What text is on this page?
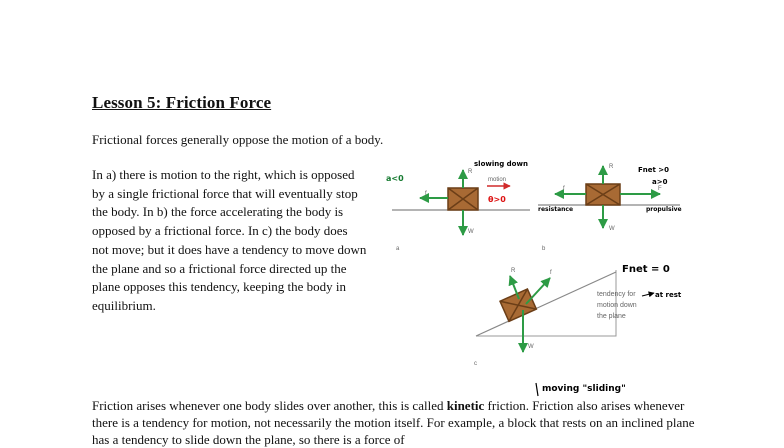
Lesson 5: Friction Force
Frictional forces generally oppose the motion of a body.
In a) there is motion to the right, which is opposed by a single frictional force that will eventually stop the body. In b) the force accelerating the body is opposed by a frictional force. In c) the body does not move; but it does have a tendency to move down the plane and so a frictional force directed up the plane opposes this tendency, keeping the body in equilibrium.
R
f
W
motion
a
slowing down
a<0
θ>0
R
f	F
W
b
Fnet >0
a>0
resistance	propulsive
R	f
W
c
tendency for
motion down
the plane
Fnet = 0
at rest
moving "sliding"
Friction arises whenever one body slides over another, this is called kinetic friction. Friction also arises whenever there is a tendency for motion, not necessarily the motion itself. For example, a block that rests on an inclined plane has a tendency to slide down the plane, so there is a force of
